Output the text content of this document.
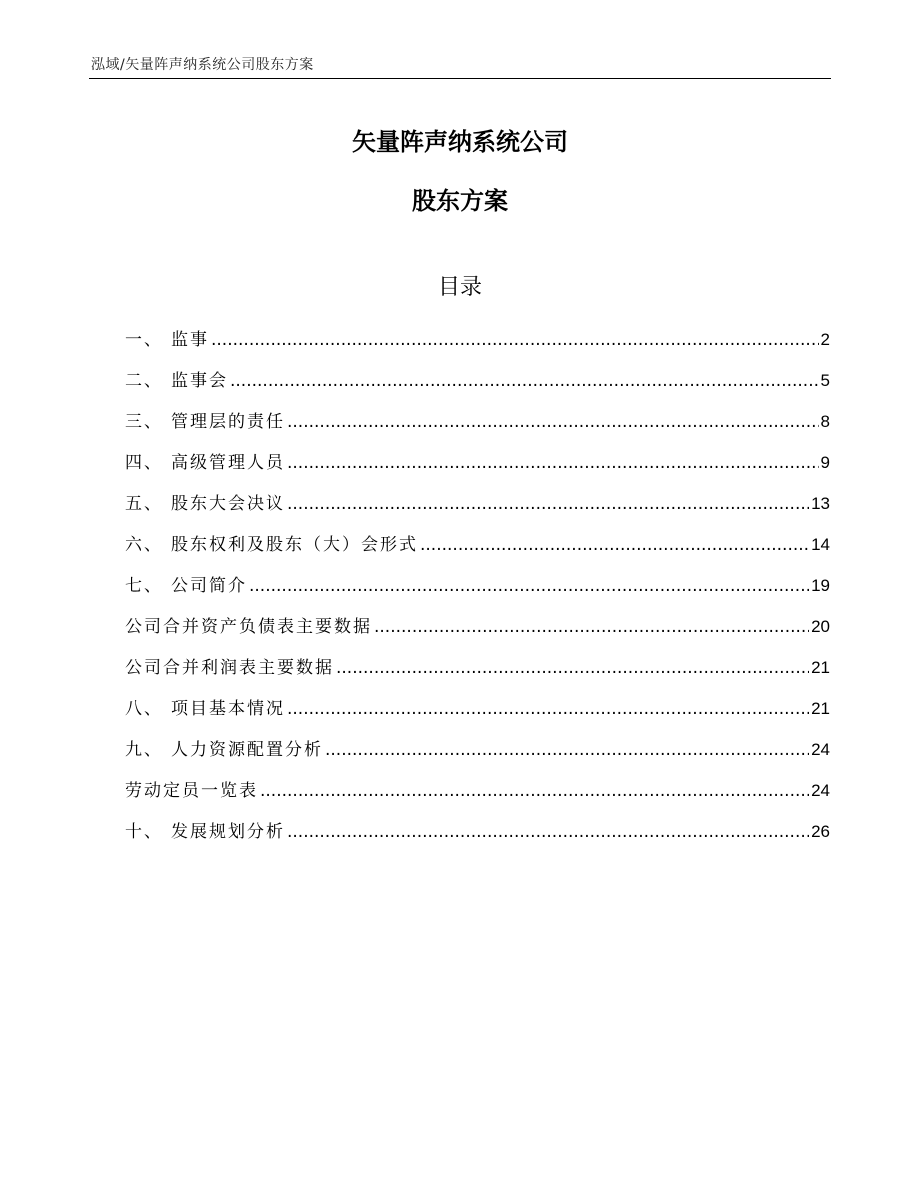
泓域/矢量阵声纳系统公司股东方案
矢量阵声纳系统公司
股东方案
目录
一、 监事 .....	2
二、 监事会 .....	5
三、 管理层的责任 .....	8
四、 高级管理人员 .....	9
五、 股东大会决议 .....	13
六、 股东权利及股东（大）会形式 .....	14
七、 公司简介 .....	19
公司合并资产负债表主要数据 .....	20
公司合并利润表主要数据 .....	21
八、 项目基本情况 .....	21
九、 人力资源配置分析 .....	24
劳动定员一览表 .....	24
十、 发展规划分析 .....	26
